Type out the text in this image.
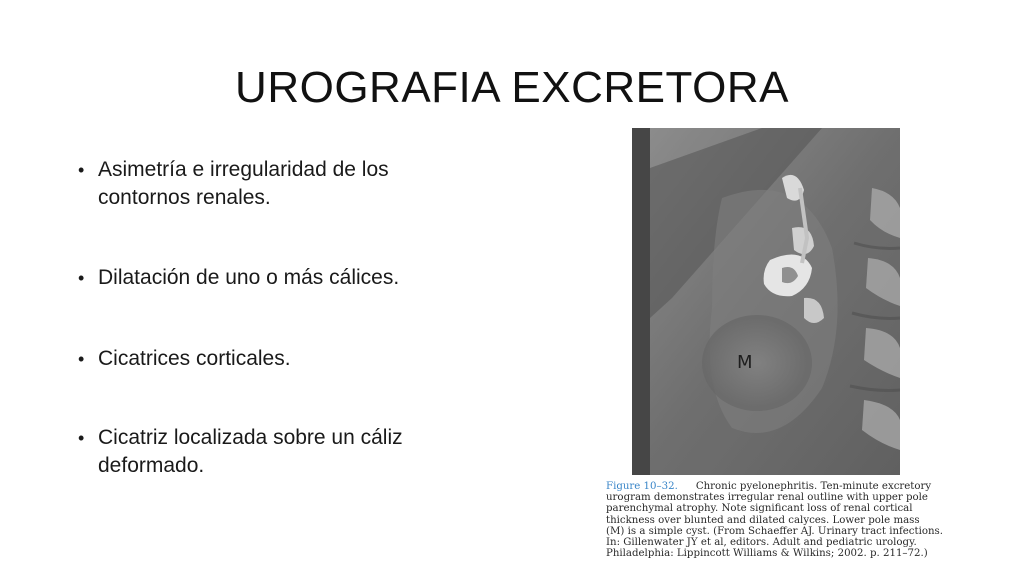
UROGRAFIA EXCRETORA
• Asimetría e irregularidad de los
contornos renales.
• Dilatación de uno o más cálices.
• Cicatrices corticales.
• Cicatriz localizada sobre un cáliz
deformado.
M
Figure 10–32. Chronic pyelonephritis. Ten-minute excretory
urogram demonstrates irregular renal outline with upper pole
parenchymal atrophy. Note significant loss of renal cortical
thickness over blunted and dilated calyces. Lower pole mass
(M) is a simple cyst. (From Schaeffer AJ. Urinary tract infections.
In: Gillenwater JY et al, editors. Adult and pediatric urology.
Philadelphia: Lippincott Williams & Wilkins; 2002. p. 211–72.)
